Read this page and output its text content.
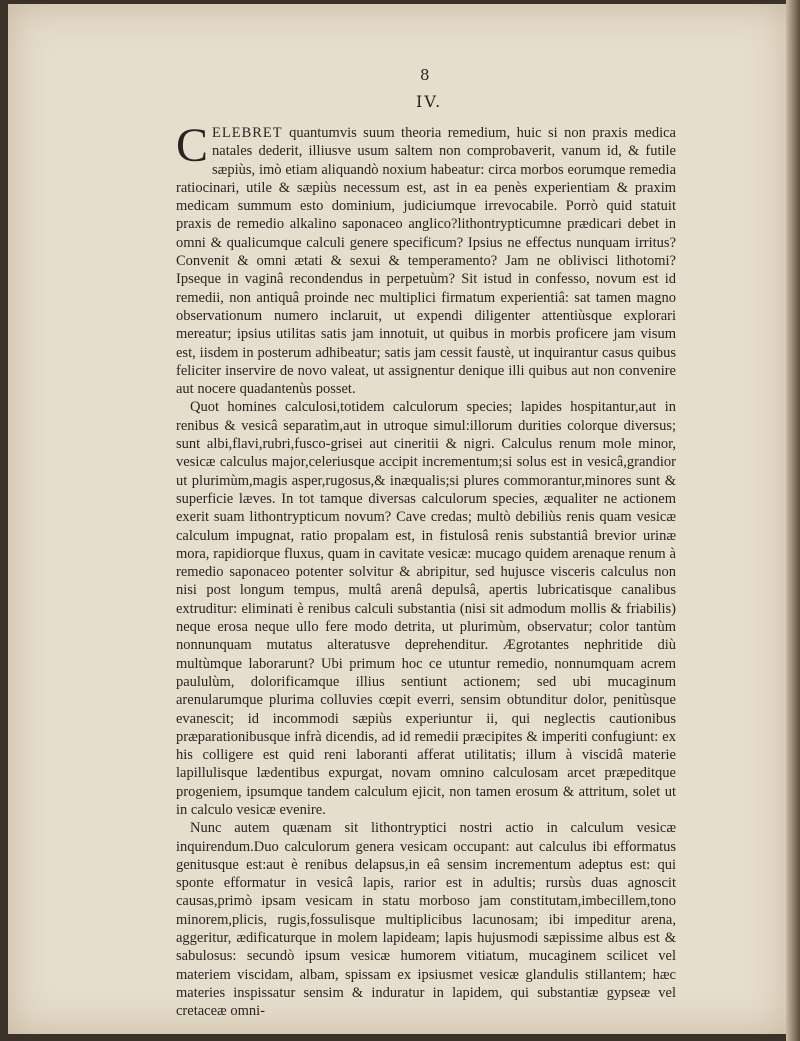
8
IV.

CELEBRET quantumvis suum theoria remedium, huic si non praxis medica natales dederit, illiusve usum saltem non comprobaverit, vanum id, & futile sæpiùs, imò etiam aliquandò noxium habeatur: circa morbos eorumque remedia ratiocinari, utile & sæpiùs necessum est, ast in ea penès experientiam & praxim medicam summum esto dominium, judiciumque irrevocabile. Porrò quid statuit praxis de remedio alkalino saponaceo anglico?lithontrypticumne prædicari debet in omni & qualicumque calculi genere specificum? Ipsius ne effectus nunquam irritus? Convenit & omni ætati & sexui & temperamento? Jam ne oblivisci lithotomi? Ipseque in vaginâ recondendus in perpetuùm? Sit istud in confesso, novum est id remedii, non antiquâ proinde nec multiplici firmatum experientiâ: sat tamen magno observationum numero inclaruit, ut expendi diligenter attentiùsque explorari mereatur; ipsius utilitas satis jam innotuit, ut quibus in morbis proficere jam visum est, iisdem in posterum adhibeatur; satis jam cessit faustè, ut inquirantur casus quibus feliciter inservire de novo valeat, ut assignentur denique illi quibus aut non convenire aut nocere quadantenùs posset.

Quot homines calculosi,totidem calculorum species; lapides hospitantur,aut in renibus & vesicâ separatìm,aut in utroque simul:illorum durities colorque diversus; sunt albi,flavi,rubri,fusco-grisei aut cineritii & nigri. Calculus renum mole minor, vesicæ calculus major,celeriusque accipit incrementum;si solus est in vesicâ,grandior ut plurimùm,magis asper,rugosus,& inæqualis;si plures commorantur,minores sunt & superficie læves. In tot tamque diversas calculorum species, æqualiter ne actionem exerit suam lithontrypticum novum? Cave credas; multò debiliùs renis quam vesicæ calculum impugnat, ratio propalam est, in fistulosâ renis substantiâ brevior urinæ mora, rapidiorque fluxus, quam in cavitate vesicæ: mucago quidem arenaque renum à remedio saponaceo potenter solvitur & abripitur, sed hujusce visceris calculus non nisi post longum tempus, multâ arenâ depulsâ, apertis lubricatisque canalibus extruditur: eliminati è renibus calculi substantia (nisi sit admodum mollis & friabilis) neque erosa neque ullo fere modo detrita, ut plurimùm, observatur; color tantùm nonnunquam mutatus alteratusve deprehenditur. Ægrotantes nephritide diù multùmque laborarunt? Ubi primum hoc ce utuntur remedio, nonnumquam acrem paululùm, dolorificamque illius sentiunt actionem; sed ubi mucaginum arenularumque plurima colluvies cœpit everri, sensim obtunditur dolor, penitùsque evanescit; id incommodi sæpiùs experiuntur ii, qui neglectis cautionibus præparationibusque infrà dicendis, ad id remedii præcipites & imperiti confugiunt: ex his colligere est quid reni laboranti afferat utilitatis; illum à viscidâ materie lapillulisque lædentibus expurgat, novam omnino calculosam arcet præpeditque progeniem, ipsumque tandem calculum ejicit, non tamen erosum & attritum, solet ut in calculo vesicæ evenire.

Nunc autem quænam sit lithontryptici nostri actio in calculum vesicæ inquirendum.Duo calculorum genera vesicam occupant: aut calculus ibi efformatus genitusque est:aut è renibus delapsus,in eâ sensim incrementum adeptus est: qui sponte efformatur in vesicâ lapis, rarior est in adultis; rursùs duas agnoscit causas,primò ipsam vesicam in statu morboso jam constitutam,imbecillem,tono minorem,plicis, rugis,fossulisque multiplicibus lacunosam; ibi impeditur arena, aggeritur, ædificaturque in molem lapideam; lapis hujusmodi sæpissime albus est & sabulosus: secundò ipsum vesicæ humorem vitiatum, mucaginem scilicet vel materiem viscidam, albam, spissam ex ipsiusmet vesicæ glandulis stillantem; hæc materies inspissatur sensim & induratur in lapidem, qui substantiæ gypseæ vel cretaceæ omni-
